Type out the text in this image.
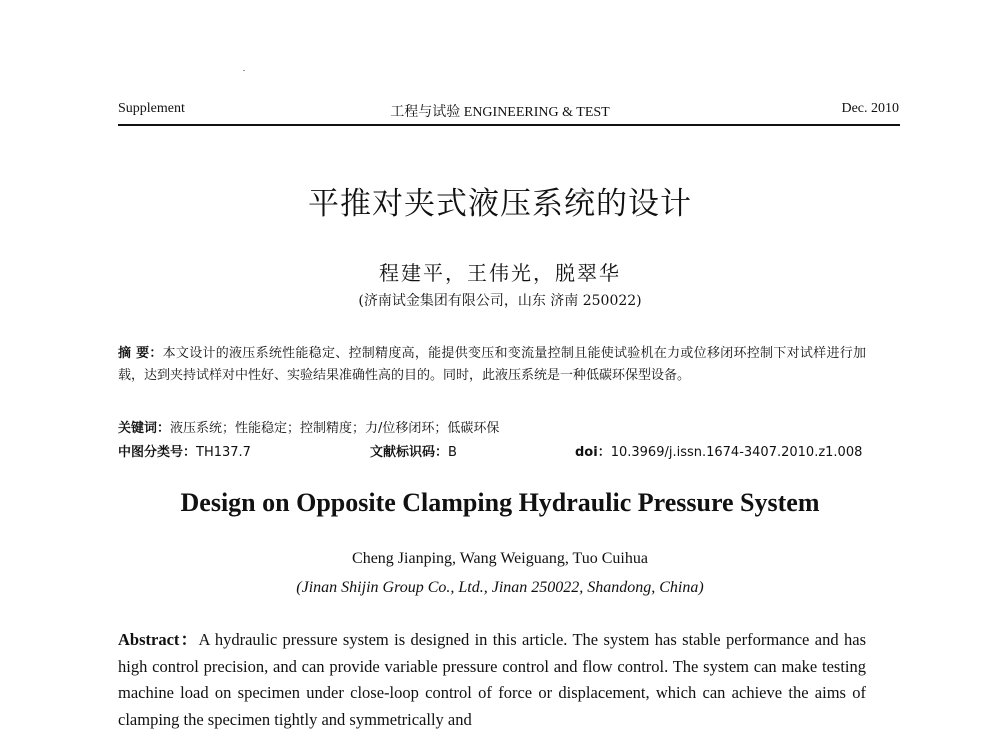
Supplement	工程与试验 ENGINEERING & TEST	Dec. 2010
平推对夹式液压系统的设计
程建平，王伟光，脱翠华
(济南试金集团有限公司，山东 济南 250022)
摘 要：本文设计的液压系统性能稳定、控制精度高，能提供变压和变流量控制且能使试验机在力或位移闭环控制下对试样进行加载，达到夹持试样对中性好、实验结果准确性高的目的。同时，此液压系统是一种低碳环保型设备。
关键词：液压系统；性能稳定；控制精度；力/位移闭环；低碳环保
中图分类号：TH137.7	文献标识码：B	doi：10.3969/j.issn.1674-3407.2010.z1.008
Design on Opposite Clamping Hydraulic Pressure System
Cheng Jianping, Wang Weiguang, Tuo Cuihua
(Jinan Shijin Group Co., Ltd., Jinan 250022, Shandong, China)
Abstract：A hydraulic pressure system is designed in this article. The system has stable performance and has high control precision, and can provide variable pressure control and flow control. The system can make testing machine load on specimen under close-loop control of force or displacement, which can achieve the aims of clamping the specimen tightly and symmetrically and
